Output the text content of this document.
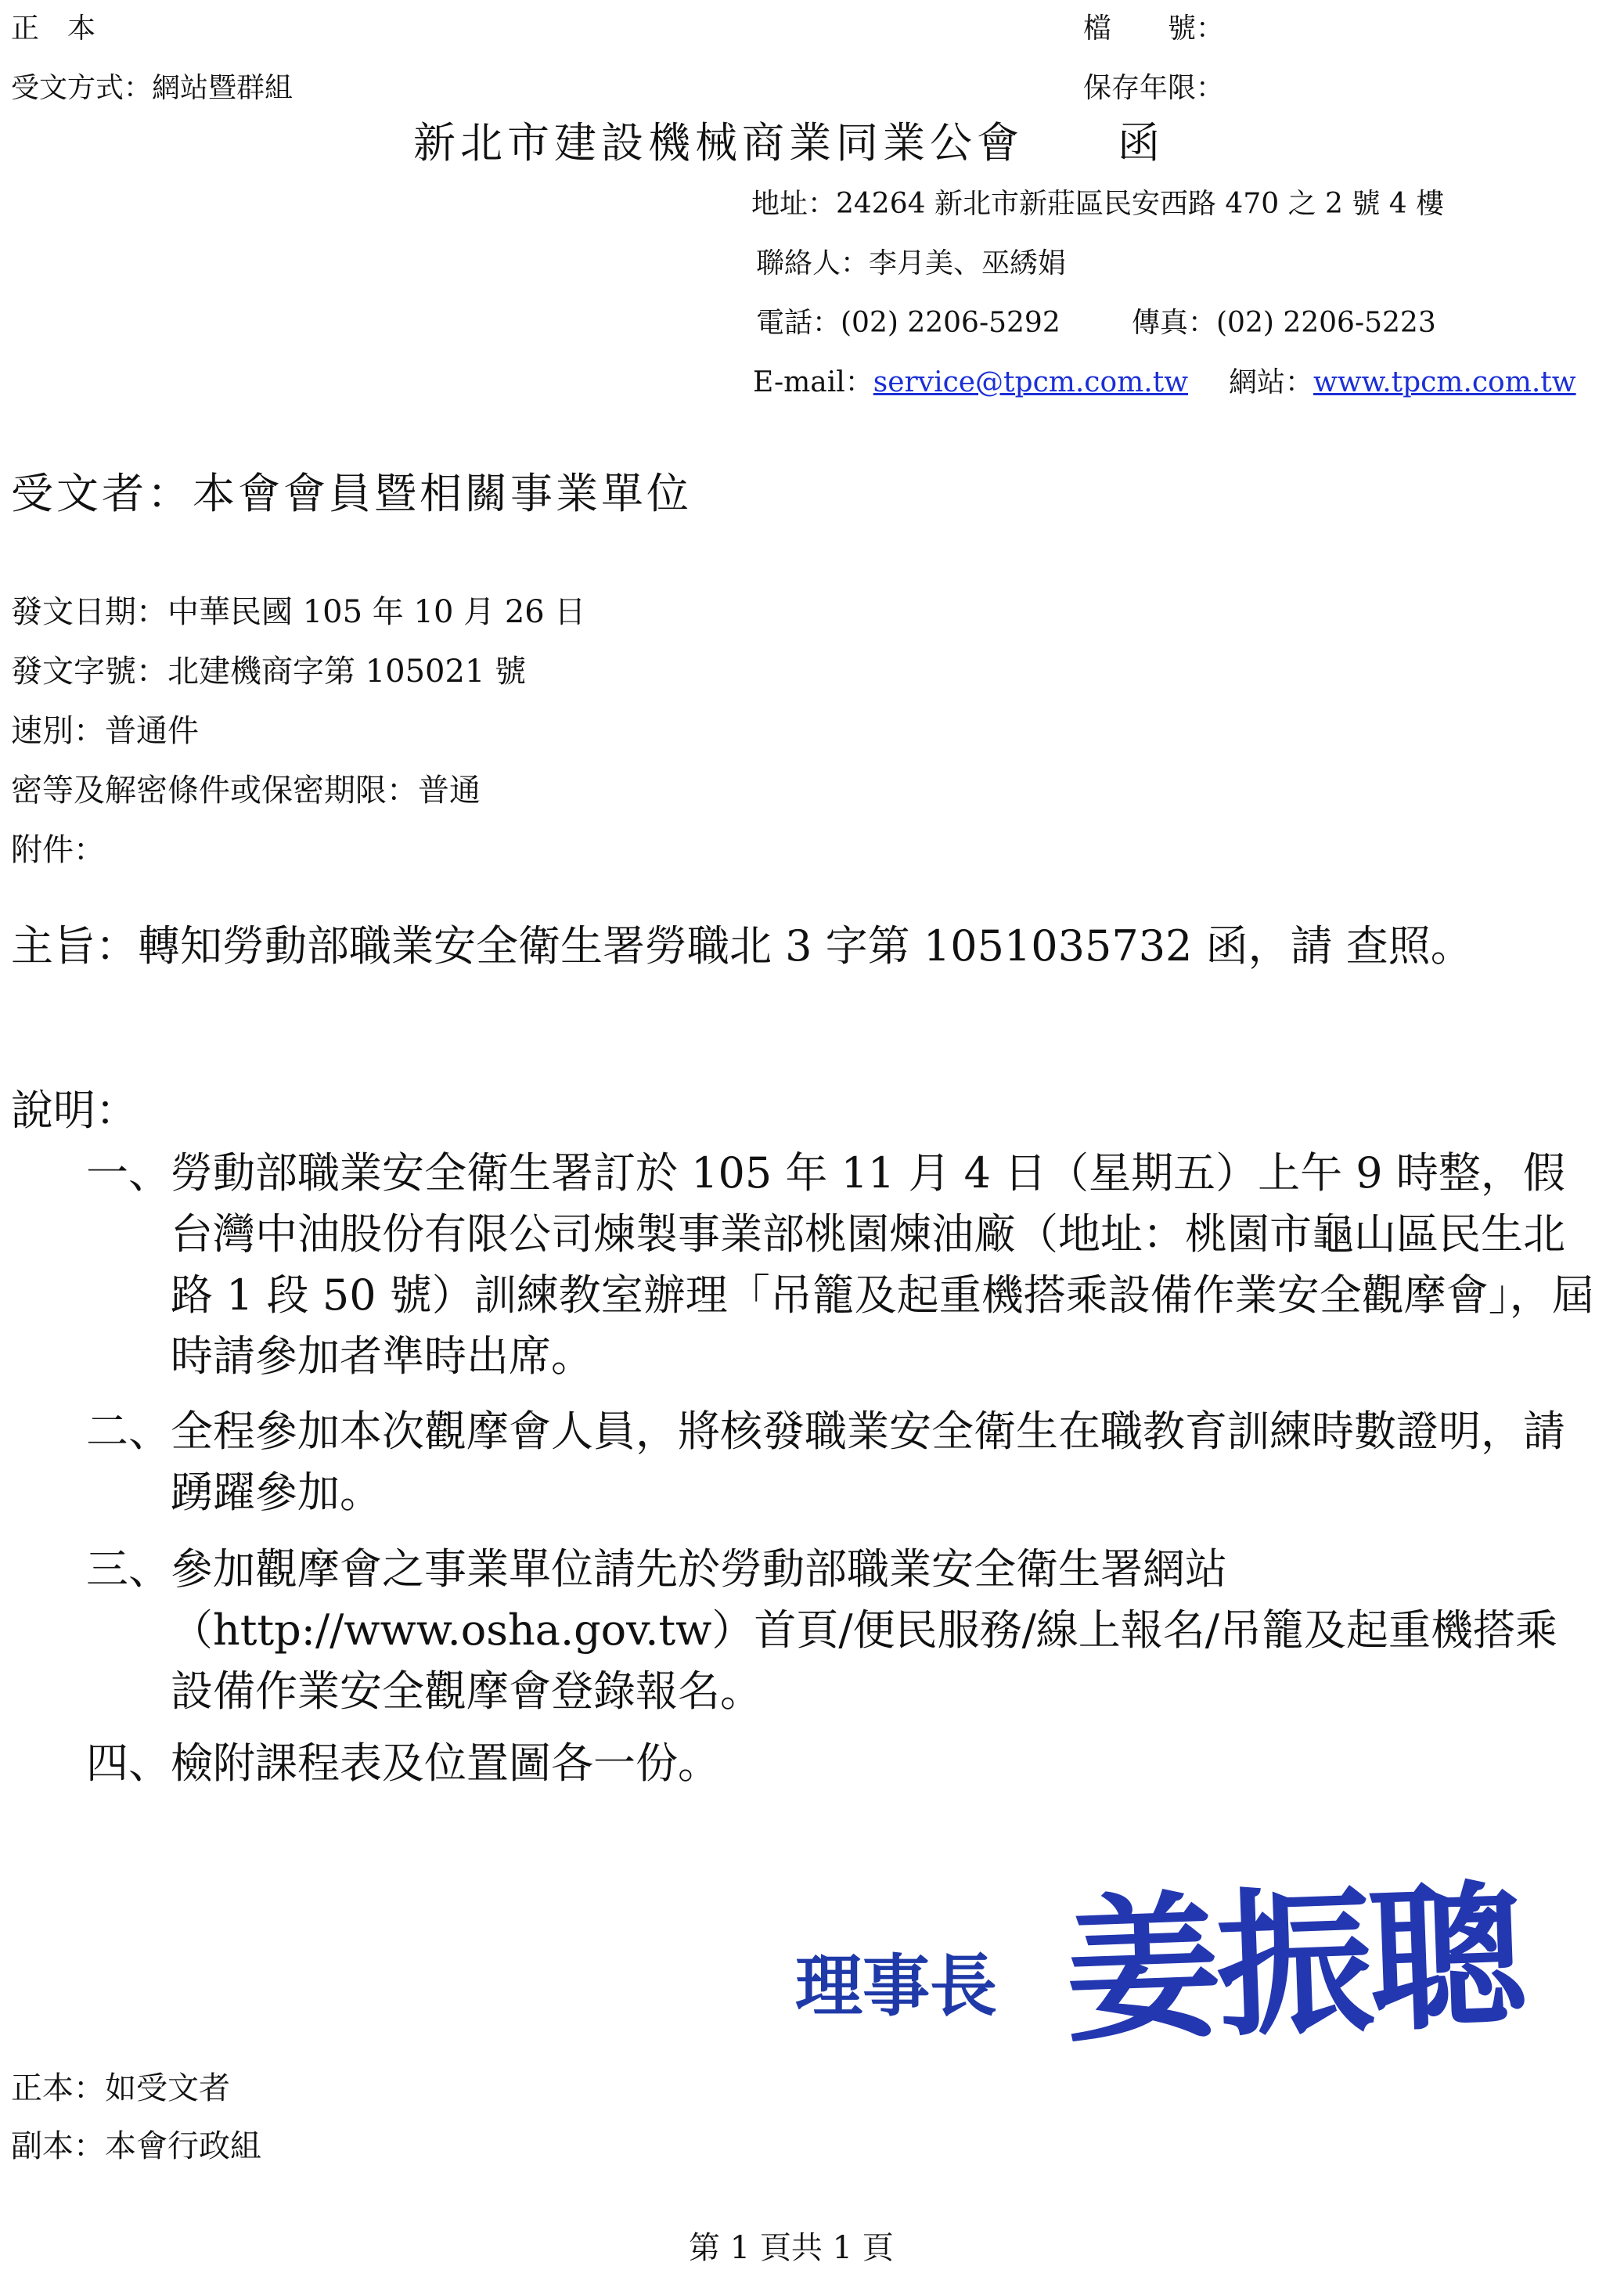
正　本
受文方式：網站暨群組
檔　　號：
保存年限：
新北市建設機械商業同業公會　　函
地址：24264 新北市新莊區民安西路 470 之 2 號 4 樓
聯絡人：李月美、巫綉娟
電話：(02) 2206-5292	傳真：(02) 2206-5223
E-mail：service@tpcm.com.tw 網站：www.tpcm.com.tw
受文者：本會會員暨相關事業單位
發文日期：中華民國 105 年 10 月 26 日
發文字號：北建機商字第 105021 號
速別：普通件
密等及解密條件或保密期限：普通
附件：
主旨： 轉知勞動部職業安全衛生署勞職北 3 字第 1051035732 函，請 查照。
說明：
一、 勞動部職業安全衛生署訂於 105 年 11 月 4 日（星期五）上午 9 時整，假台灣中油股份有限公司煉製事業部桃園煉油廠（地址：桃園市龜山區民生北路 1 段 50 號）訓練教室辦理「吊籠及起重機搭乘設備作業安全觀摩會」，屆時請參加者準時出席。
二、 全程參加本次觀摩會人員，將核發職業安全衛生在職教育訓練時數證明，請踴躍參加。
三、 參加觀摩會之事業單位請先於勞動部職業安全衛生署網站（http://www.osha.gov.tw）首頁/便民服務/線上報名/吊籠及起重機搭乘設備作業安全觀摩會登錄報名。
四、 檢附課程表及位置圖各一份。
理事長 姜振聰
正本：如受文者
副本：本會行政組
第 1 頁共 1 頁
